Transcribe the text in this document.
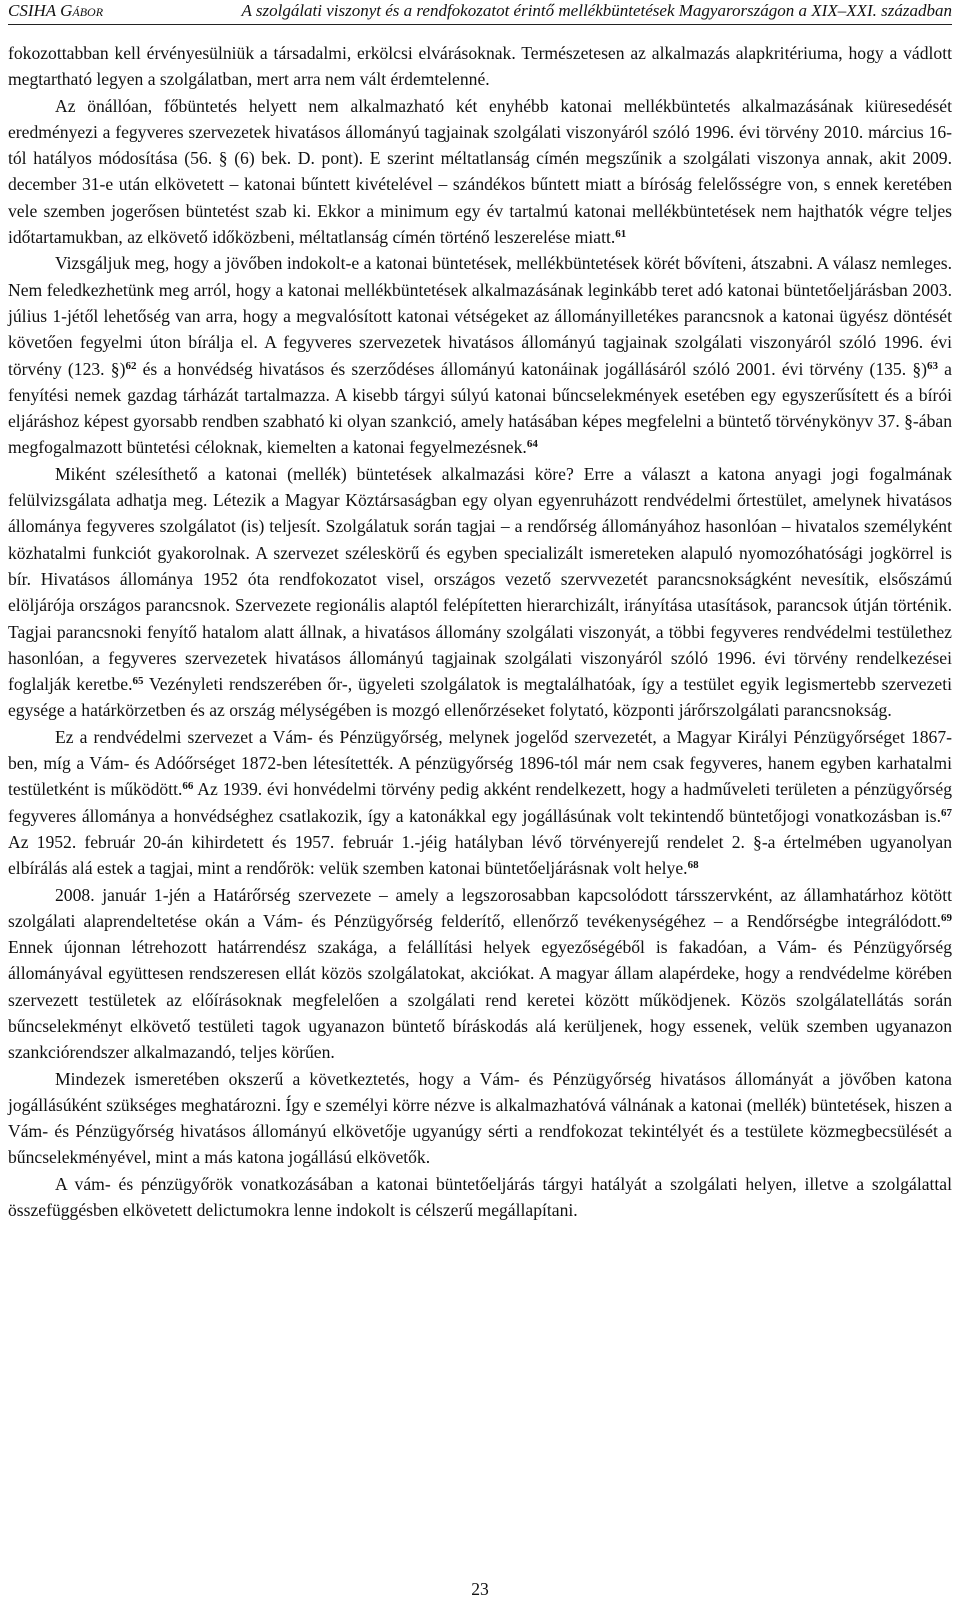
CSIHA Gábor	A szolgálati viszonyt és a rendfokozatot érintő mellékbüntetések Magyarországon a XIX–XXI. században

fokozottabban kell érvényesülniük a társadalmi, erkölcsi elvárásoknak. Természetesen az alkalmazás alapkritériuma, hogy a vádlott megtartható legyen a szolgálatban, mert arra nem vált érdemtelenné.

Az önállóan, főbüntetés helyett nem alkalmazható két enyhébb katonai mellékbüntetés alkalmazásának kiüresedését eredményezi a fegyveres szervezetek hivatásos állományú tagjainak szolgálati viszonyáról szóló 1996. évi törvény 2010. március 16-tól hatályos módosítása (56. § (6) bek. D. pont). E szerint méltatlanság címén megszűnik a szolgálati viszonya annak, akit 2009. december 31-e után elkövetett – katonai bűntett kivételével – szándékos bűntett miatt a bíróság felelősségre von, s ennek keretében vele szemben jogerősen büntetést szab ki. Ekkor a minimum egy év tartalmú katonai mellékbüntetések nem hajthatók végre teljes időtartamukban, az elkövető időközbeni, méltatlanság címén történő leszerelése miatt.$^{61}$

Vizsgáljuk meg, hogy a jövőben indokolt-e a katonai büntetések, mellékbüntetések körét bővíteni, átszabni. A válasz nemleges. Nem feledkezhetünk meg arról, hogy a katonai mellékbüntetések alkalmazásának leginkább teret adó katonai büntetőeljárásban 2003. július 1-jétől lehetőség van arra, hogy a megvalósított katonai vétségeket az állományilletékes parancsnok a katonai ügyész döntését követően fegyelmi úton bírálja el. A fegyveres szervezetek hivatásos állományú tagjainak szolgálati viszonyáról szóló 1996. évi törvény (123. §)$^{62}$ és a honvédség hivatásos és szerződéses állományú katonáinak jogállásáról szóló 2001. évi törvény (135. §)$^{63}$ a fenyítési nemek gazdag tárházát tartalmazza. A kisebb tárgyi súlyú katonai bűncselekmények esetében egy egyszerűsített és a bírói eljáráshoz képest gyorsabb rendben szabható ki olyan szankció, amely hatásában képes megfelelni a büntető törvénykönyv 37. §-ában megfogalmazott büntetési céloknak, kiemelten a katonai fegyelmezésnek.$^{64}$

Miként szélesíthető a katonai (mellék) büntetések alkalmazási köre? Erre a választ a katona anyagi jogi fogalmának felülvizsgálata adhatja meg. Létezik a Magyar Köztársaságban egy olyan egyenruházott rendvédelmi őrtestület, amelynek hivatásos állománya fegyveres szolgálatot (is) teljesít. Szolgálatuk során tagjai – a rendőrség állományához hasonlóan – hivatalos személyként közhatalmi funkciót gyakorolnak. A szervezet széleskörű és egyben specializált ismereteken alapuló nyomozóhatósági jogkörrel is bír. Hivatásos állománya 1952 óta rendfokozatot visel, országos vezető szervvezetét parancsnokságként nevesítik, elsőszámú elöljárója országos parancsnok. Szervezete regionális alaptól felépítetten hierarchizált, irányítása utasítások, parancsok útján történik. Tagjai parancsnoki fenyítő hatalom alatt állnak, a hivatásos állomány szolgálati viszonyát, a többi fegyveres rendvédelmi testülethez hasonlóan, a fegyveres szervezetek hivatásos állományú tagjainak szolgálati viszonyáról szóló 1996. évi törvény rendelkezései foglalják keretbe.$^{65}$ Vezényleti rendszerében őr-, ügyeleti szolgálatok is megtalálhatóak, így a testület egyik legismertebb szervezeti egysége a határkörzetben és az ország mélységében is mozgó ellenőrzéseket folytató, központi járőrszolgálati parancsnokság.

Ez a rendvédelmi szervezet a Vám- és Pénzügyőrség, melynek jogelőd szervezetét, a Magyar Királyi Pénzügyőrséget 1867-ben, míg a Vám- és Adóőrséget 1872-ben létesítették. A pénzügyőrség 1896-tól már nem csak fegyveres, hanem egyben karhatalmi testületként is működött.$^{66}$ Az 1939. évi honvédelmi törvény pedig akként rendelkezett, hogy a hadműveleti területen a pénzügyőrség fegyveres állománya a honvédséghez csatlakozik, így a katonákkal egy jogállásúnak volt tekintendő büntetőjogi vonatkozásban is.$^{67}$ Az 1952. február 20-án kihirdetett és 1957. február 1.-jéig hatályban lévő törvényerejű rendelet 2. §-a értelmében ugyanolyan elbírálás alá estek a tagjai, mint a rendőrök: velük szemben katonai büntetőeljárásnak volt helye.$^{68}$

2008. január 1-jén a Határőrség szervezete – amely a legszorosabban kapcsolódott társszervként, az államhatárhoz kötött szolgálati alaprendeltetése okán a Vám- és Pénzügyőrség felderítő, ellenőrző tevékenységéhez – a Rendőrségbe integrálódott.$^{69}$ Ennek újonnan létrehozott határrendész szakága, a felállítási helyek egyezőségéből is fakadóan, a Vám- és Pénzügyőrség állományával együttesen rendszeresen ellát közös szolgálatokat, akciókat. A magyar állam alapérdeke, hogy a rendvédelme körében szervezett testületek az előírásoknak megfelelően a szolgálati rend keretei között működjenek. Közös szolgálatellátás során bűncselekményt elkövető testületi tagok ugyanazon büntető bíráskodás alá kerüljenek, hogy essenek, velük szemben ugyanazon szankciórendszer alkalmazandó, teljes körűen.

Mindezek ismeretében okszerű a következtetés, hogy a Vám- és Pénzügyőrség hivatásos állományát a jövőben katona jogállásúként szükséges meghatározni. Így e személyi körre nézve is alkalmazhatóvá válnának a katonai (mellék) büntetések, hiszen a Vám- és Pénzügyőrség hivatásos állományú elkövetője ugyanúgy sérti a rendfokozat tekintélyét és a testülete közmegbecsülését a bűncselekményével, mint a más katona jogállású elkövetők.

A vám- és pénzügyőrök vonatkozásában a katonai büntetőeljárás tárgyi hatályát a szolgálati helyen, illetve a szolgálattal összefüggésben elkövetett delictumokra lenne indokolt is célszerű megállapítani.

23
